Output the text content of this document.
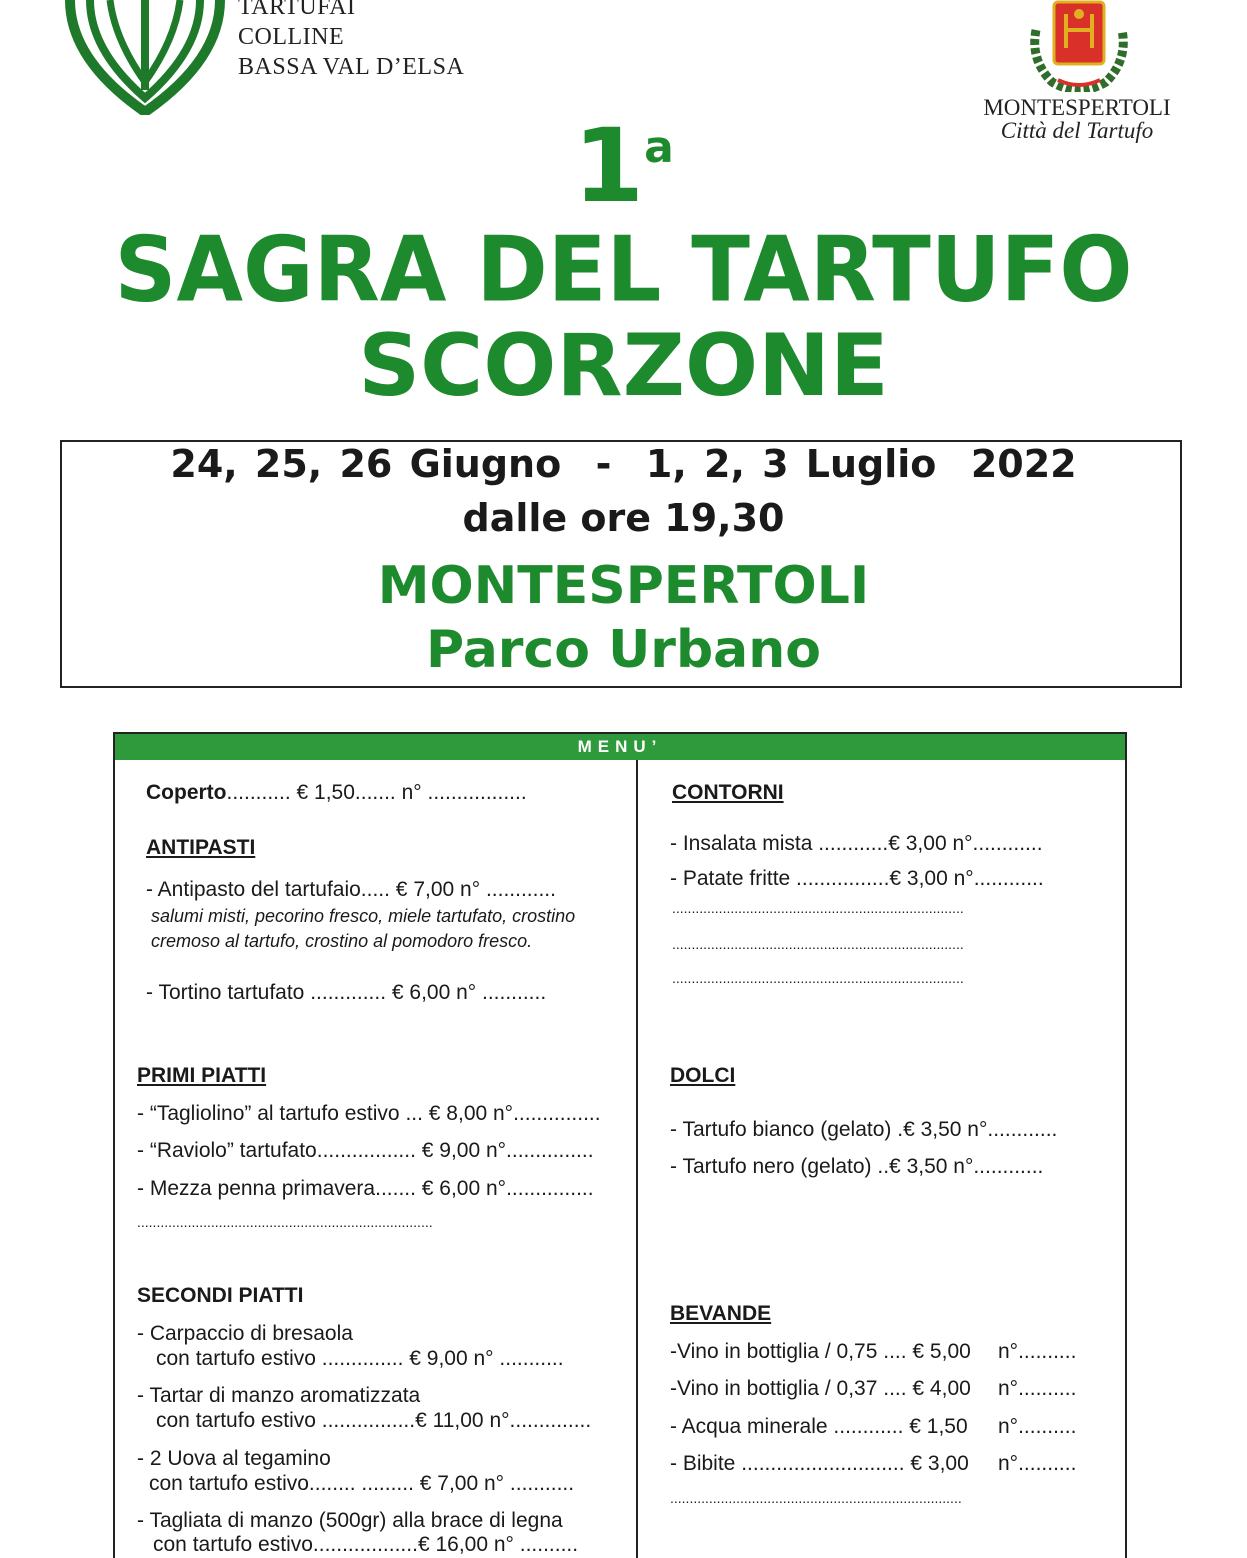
TARTUFAI
COLLINE
BASSA VAL D’ELSA
MONTESPERTOLI
Città del Tartufo
1a
SAGRA DEL TARTUFO
SCORZONE
24, 25, 26 Giugno  -  1, 2, 3 Luglio  2022
dalle ore 19,30
MONTESPERTOLI
Parco Urbano
MENU’
Coperto........... € 1,50....... n° .................
ANTIPASTI
- Antipasto del tartufaio..... € 7,00 n° ............
salumi misti, pecorino fresco, miele tartufato, crostino
cremoso al tartufo, crostino al pomodoro fresco.
- Tortino tartufato ............. € 6,00 n° ...........
PRIMI PIATTI
- “Tagliolino” al tartufo estivo ... € 8,00 n°...............
- “Raviolo” tartufato................. € 9,00 n°...............
- Mezza penna primavera....... € 6,00 n°...............
............................................................................
SECONDI PIATTI
- Carpaccio di bresaola
con tartufo estivo .............. € 9,00 n° ...........
- Tartar di manzo aromatizzata
con tartufo estivo ................€ 11,00 n°..............
- 2 Uova al tegamino
con tartufo estivo........ ......... € 7,00 n° ...........
- Tagliata di manzo (500gr) alla brace di legna
con tartufo estivo..................€ 16,00 n° ..........
CONTORNI
- Insalata mista ............€ 3,00 n°............
- Patate fritte ................€ 3,00 n°............
...........................................................................
...........................................................................
...........................................................................
DOLCI
- Tartufo bianco (gelato) .€ 3,50 n°............
- Tartufo nero (gelato) ..€ 3,50 n°............
BEVANDE
-Vino in bottiglia / 0,75 .... € 5,00 n°..........
-Vino in bottiglia / 0,37 .... € 4,00 n°..........
- Acqua minerale ............ € 1,50 n°..........
- Bibite ............................ € 3,00 n°..........
...........................................................................
